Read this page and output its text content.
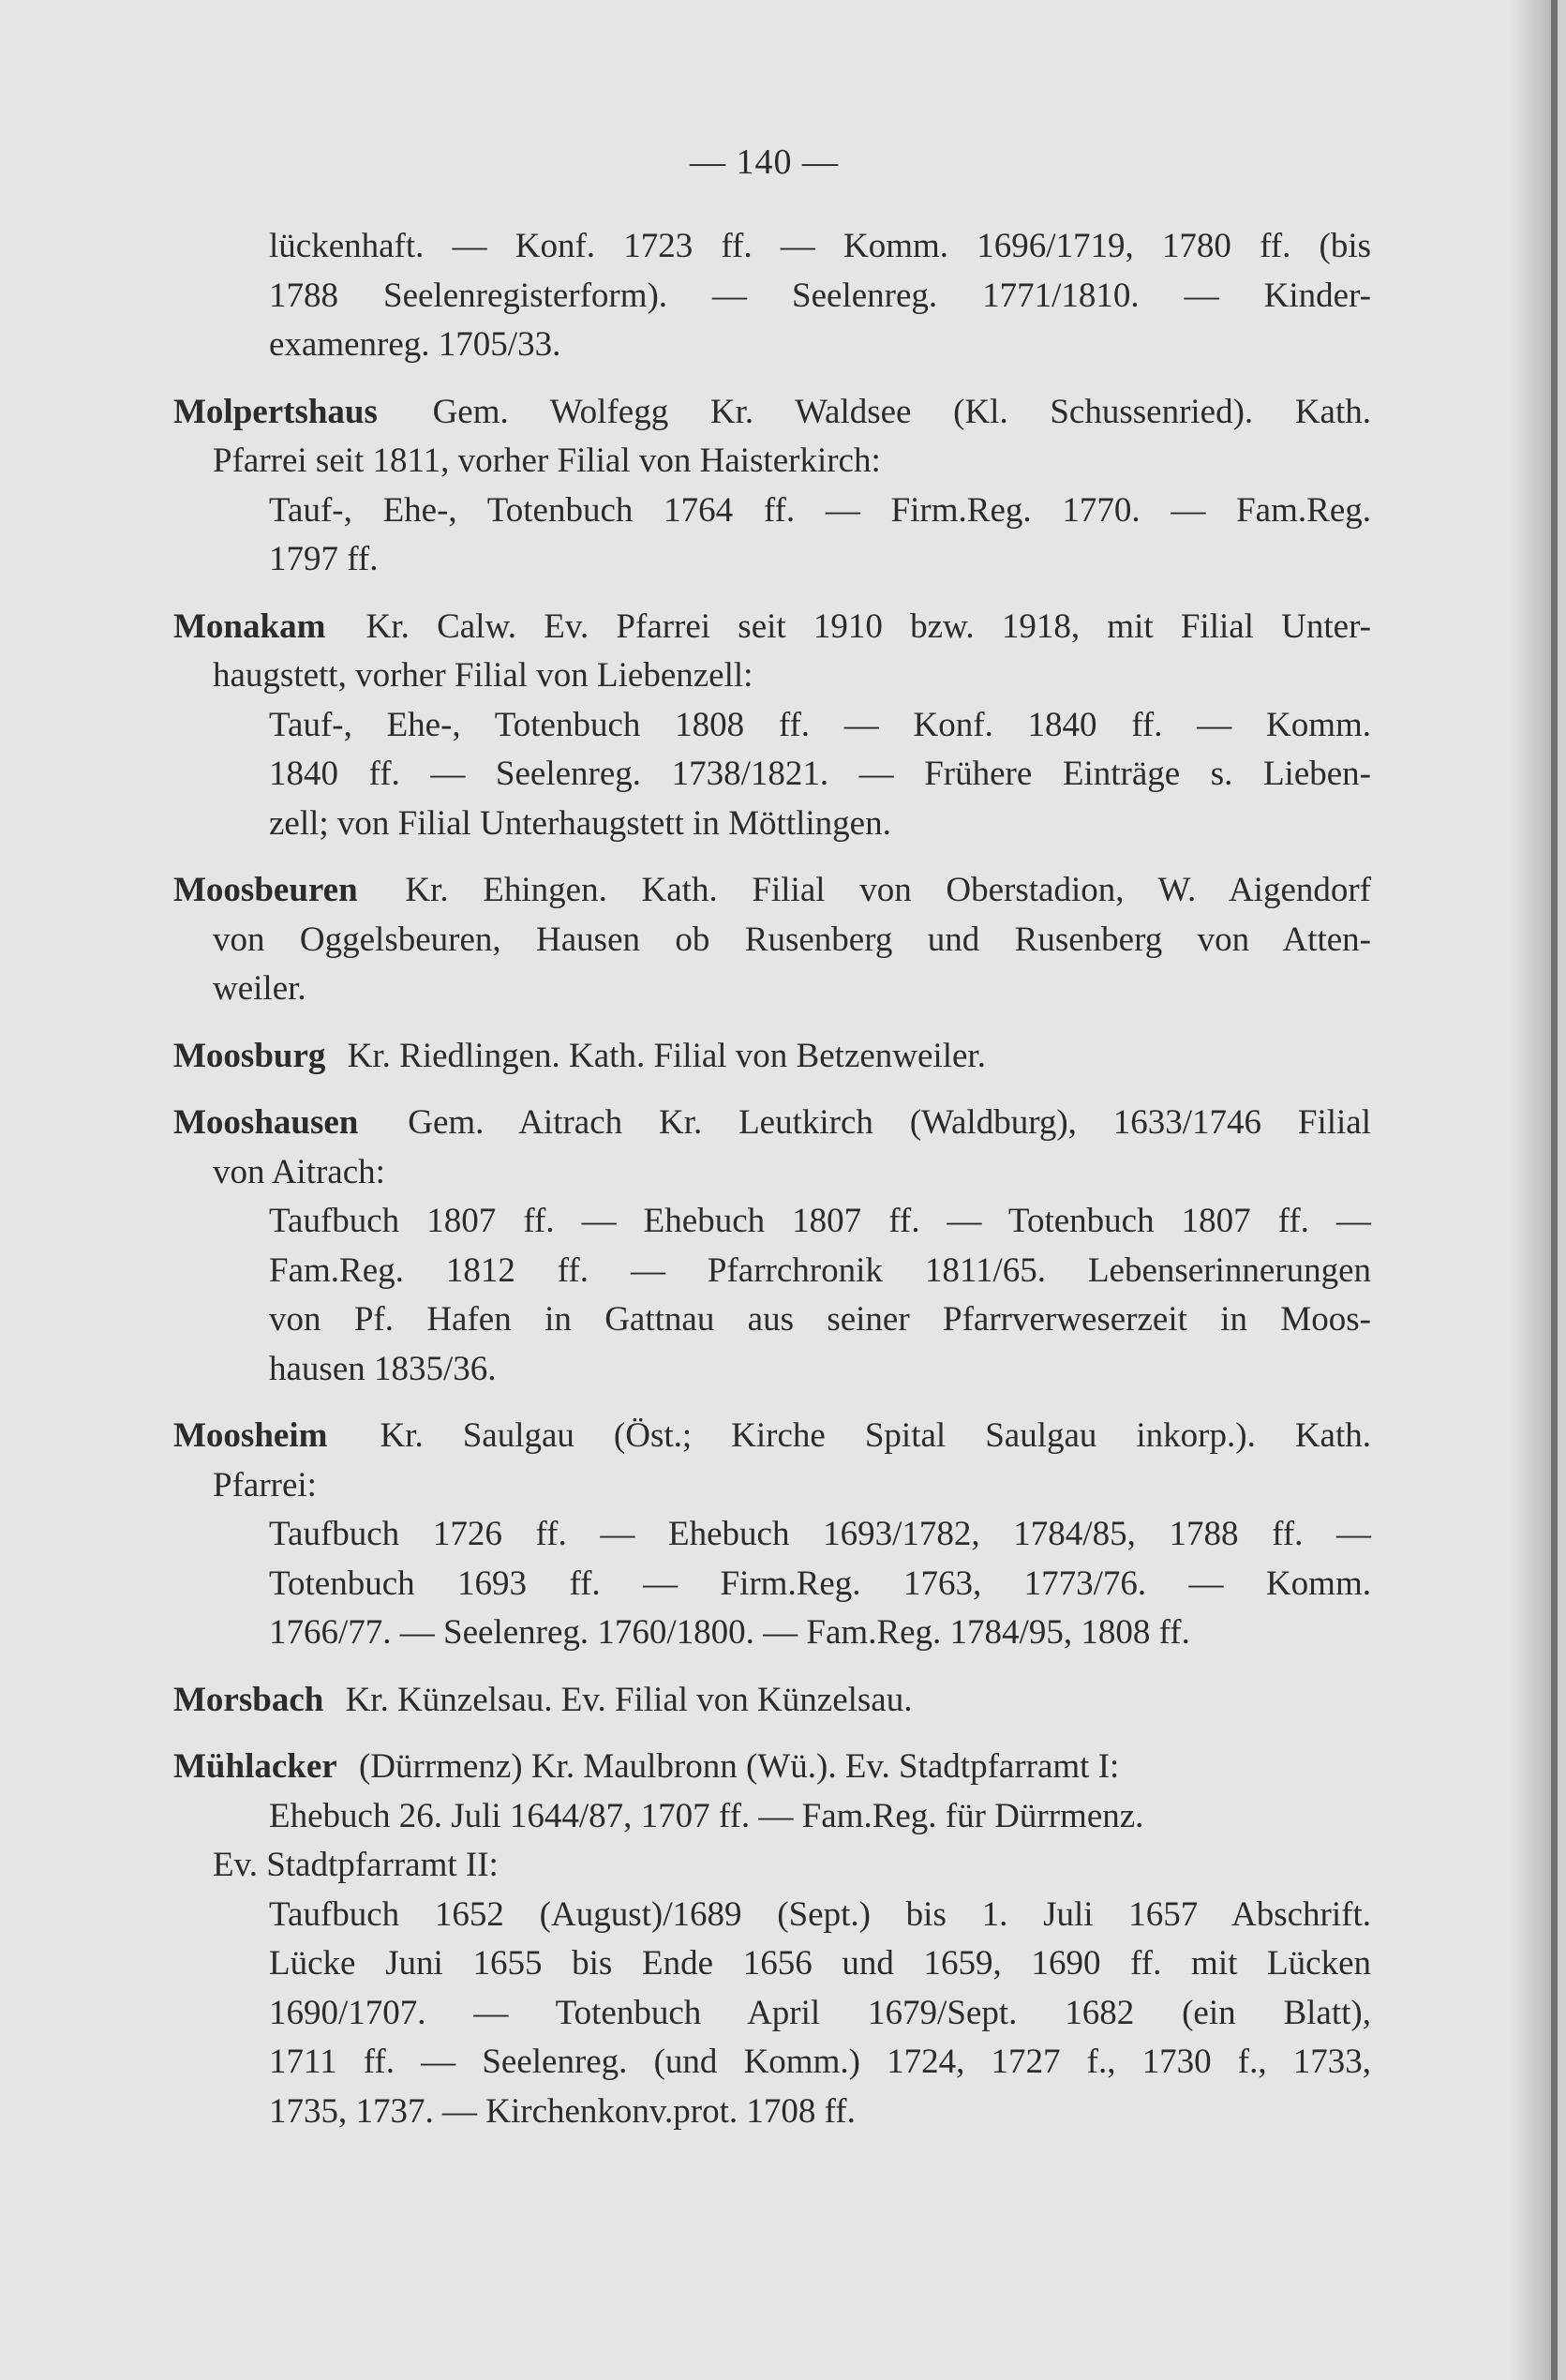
— 140 —
lückenhaft. — Konf. 1723 ff. — Komm. 1696/1719, 1780 ff. (bis
1788 Seelenregisterform). — Seelenreg. 1771/1810. — Kinder-
examenreg. 1705/33.
Molpertshaus Gem. Wolfegg Kr. Waldsee (Kl. Schussenried). Kath.
Pfarrei seit 1811, vorher Filial von Haisterkirch:
Tauf-, Ehe-, Totenbuch 1764 ff. — Firm.Reg. 1770. — Fam.Reg.
1797 ff.
Monakam Kr. Calw. Ev. Pfarrei seit 1910 bzw. 1918, mit Filial Unter-
haugstett, vorher Filial von Liebenzell:
Tauf-, Ehe-, Totenbuch 1808 ff. — Konf. 1840 ff. — Komm.
1840 ff. — Seelenreg. 1738/1821. — Frühere Einträge s. Lieben-
zell; von Filial Unterhaugstett in Möttlingen.
Moosbeuren Kr. Ehingen. Kath. Filial von Oberstadion, W. Aigendorf
von Oggelsbeuren, Hausen ob Rusenberg und Rusenberg von Atten-
weiler.
Moosburg Kr. Riedlingen. Kath. Filial von Betzenweiler.
Mooshausen Gem. Aitrach Kr. Leutkirch (Waldburg), 1633/1746 Filial
von Aitrach:
Taufbuch 1807 ff. — Ehebuch 1807 ff. — Totenbuch 1807 ff. —
Fam.Reg. 1812 ff. — Pfarrchronik 1811/65. Lebenserinnerungen
von Pf. Hafen in Gattnau aus seiner Pfarrverweserzeit in Moos-
hausen 1835/36.
Moosheim Kr. Saulgau (Öst.; Kirche Spital Saulgau inkorp.). Kath.
Pfarrei:
Taufbuch 1726 ff. — Ehebuch 1693/1782, 1784/85, 1788 ff. —
Totenbuch 1693 ff. — Firm.Reg. 1763, 1773/76. — Komm.
1766/77. — Seelenreg. 1760/1800. — Fam.Reg. 1784/95, 1808 ff.
Morsbach Kr. Künzelsau. Ev. Filial von Künzelsau.
Mühlacker (Dürrmenz) Kr. Maulbronn (Wü.). Ev. Stadtpfarramt I:
Ehebuch 26. Juli 1644/87, 1707 ff. — Fam.Reg. für Dürrmenz.
Ev. Stadtpfarramt II:
Taufbuch 1652 (August)/1689 (Sept.) bis 1. Juli 1657 Abschrift.
Lücke Juni 1655 bis Ende 1656 und 1659, 1690 ff. mit Lücken
1690/1707. — Totenbuch April 1679/Sept. 1682 (ein Blatt),
1711 ff. — Seelenreg. (und Komm.) 1724, 1727 f., 1730 f., 1733,
1735, 1737. — Kirchenkonv.prot. 1708 ff.
